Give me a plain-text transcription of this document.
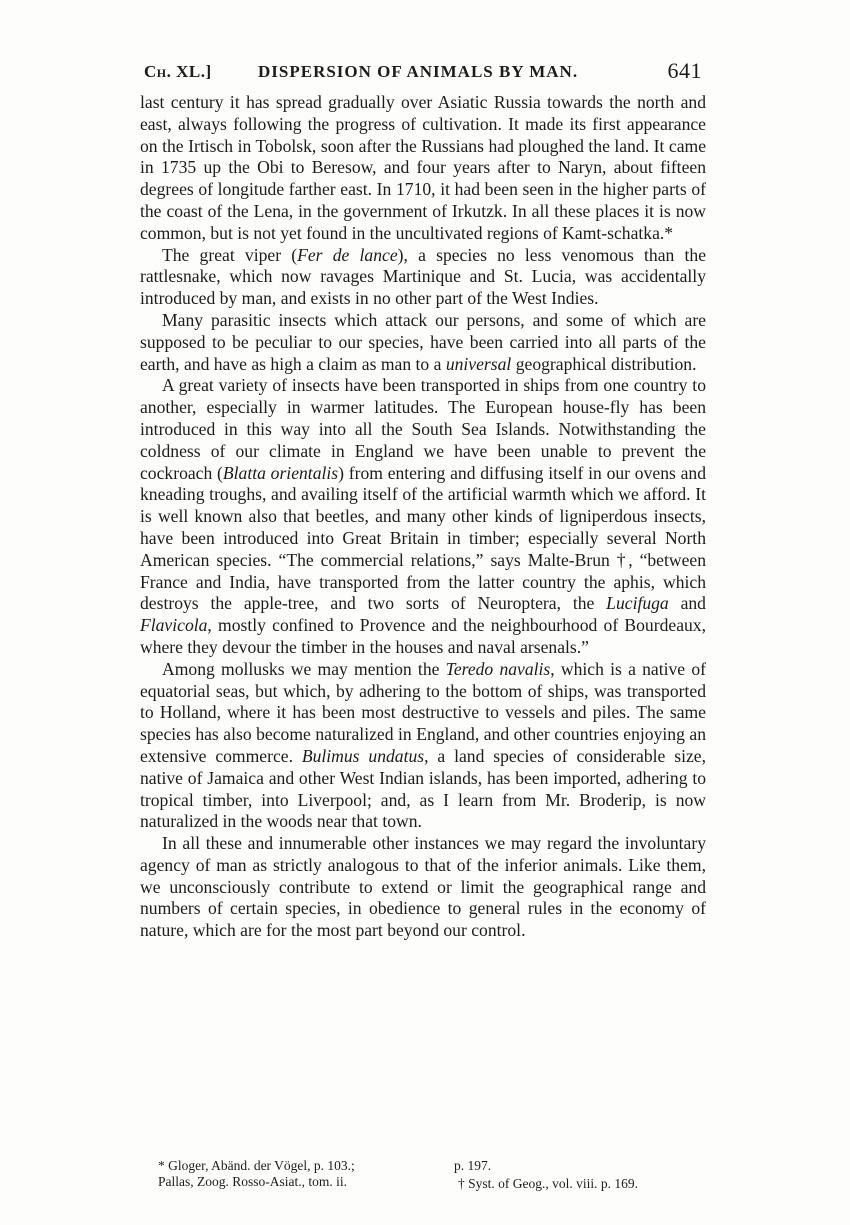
Ch. XL.]	DISPERSION OF ANIMALS BY MAN.	641

last century it has spread gradually over Asiatic Russia towards the north and east, always following the progress of cultivation. It made its first appearance on the Irtisch in Tobolsk, soon after the Russians had ploughed the land. It came in 1735 up the Obi to Beresow, and four years after to Naryn, about fifteen degrees of longitude farther east. In 1710, it had been seen in the higher parts of the coast of the Lena, in the government of Irkutzk. In all these places it is now common, but is not yet found in the uncultivated regions of Kamt-schatka.*

The great viper (Fer de lance), a species no less venomous than the rattlesnake, which now ravages Martinique and St. Lucia, was accidentally introduced by man, and exists in no other part of the West Indies.

Many parasitic insects which attack our persons, and some of which are supposed to be peculiar to our species, have been carried into all parts of the earth, and have as high a claim as man to a universal geographical distribution.

A great variety of insects have been transported in ships from one country to another, especially in warmer latitudes. The European house-fly has been introduced in this way into all the South Sea Islands. Notwithstanding the coldness of our climate in England we have been unable to prevent the cockroach (Blatta orientalis) from entering and diffusing itself in our ovens and kneading troughs, and availing itself of the artificial warmth which we afford. It is well known also that beetles, and many other kinds of ligniperdous insects, have been introduced into Great Britain in timber; especially several North American species. “The commercial relations,” says Malte-Brun †, “between France and India, have transported from the latter country the aphis, which destroys the apple-tree, and two sorts of Neuroptera, the Lucifuga and Flavicola, mostly confined to Provence and the neighbourhood of Bourdeaux, where they devour the timber in the houses and naval arsenals.”

Among mollusks we may mention the Teredo navalis, which is a native of equatorial seas, but which, by adhering to the bottom of ships, was transported to Holland, where it has been most destructive to vessels and piles. The same species has also become naturalized in England, and other countries enjoying an extensive commerce. Bulimus undatus, a land species of considerable size, native of Jamaica and other West Indian islands, has been imported, adhering to tropical timber, into Liverpool; and, as I learn from Mr. Broderip, is now naturalized in the woods near that town.

In all these and innumerable other instances we may regard the involuntary agency of man as strictly analogous to that of the inferior animals. Like them, we unconsciously contribute to extend or limit the geographical range and numbers of certain species, in obedience to general rules in the economy of nature, which are for the most part beyond our control.

* Gloger, Abänd. der Vögel, p. 103.;	p. 197.
Pallas, Zoog. Rosso-Asiat., tom. ii.	† Syst. of Geog., vol. viii. p. 169.
